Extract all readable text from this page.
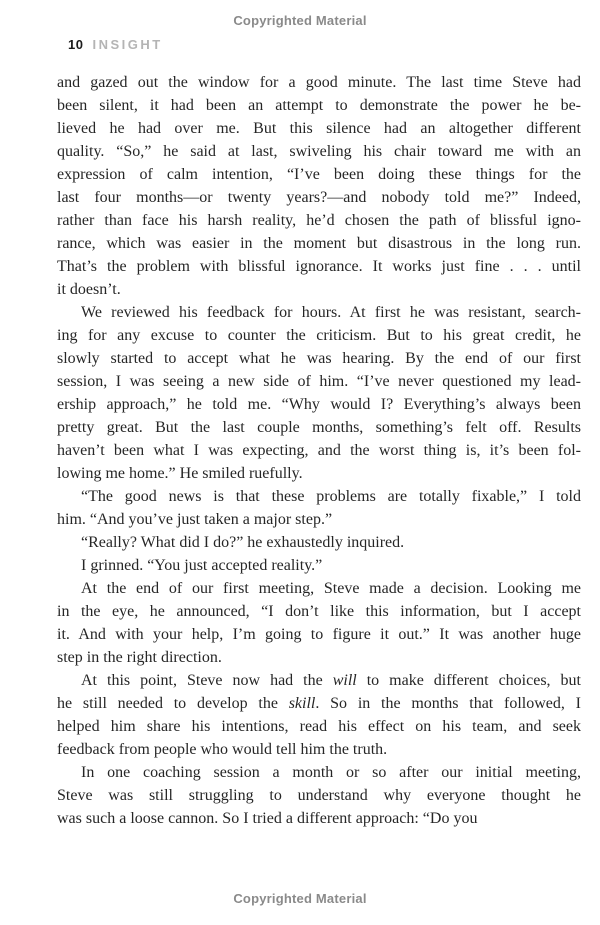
Copyrighted Material
10 INSIGHT
and gazed out the window for a good minute. The last time Steve had
been silent, it had been an attempt to demonstrate the power he be-
lieved he had over me. But this silence had an altogether different
quality. “So,” he said at last, swiveling his chair toward me with an
expression of calm intention, “I’ve been doing these things for the
last four months—or twenty years?—and nobody told me?” Indeed,
rather than face his harsh reality, he’d chosen the path of blissful igno-
rance, which was easier in the moment but disastrous in the long run.
That’s the problem with blissful ignorance. It works just fine . . . until
it doesn’t.
We reviewed his feedback for hours. At first he was resistant, search-
ing for any excuse to counter the criticism. But to his great credit, he
slowly started to accept what he was hearing. By the end of our first
session, I was seeing a new side of him. “I’ve never questioned my lead-
ership approach,” he told me. “Why would I? Everything’s always been
pretty great. But the last couple months, something’s felt off. Results
haven’t been what I was expecting, and the worst thing is, it’s been fol-
lowing me home.” He smiled ruefully.
“The good news is that these problems are totally fixable,” I told
him. “And you’ve just taken a major step.”
“Really? What did I do?” he exhaustedly inquired.
I grinned. “You just accepted reality.”
At the end of our first meeting, Steve made a decision. Looking me
in the eye, he announced, “I don’t like this information, but I accept
it. And with your help, I’m going to figure it out.” It was another huge
step in the right direction.
At this point, Steve now had the will to make different choices, but
he still needed to develop the skill. So in the months that followed, I
helped him share his intentions, read his effect on his team, and seek
feedback from people who would tell him the truth.
In one coaching session a month or so after our initial meeting,
Steve was still struggling to understand why everyone thought he
was such a loose cannon. So I tried a different approach: “Do you
Copyrighted Material
